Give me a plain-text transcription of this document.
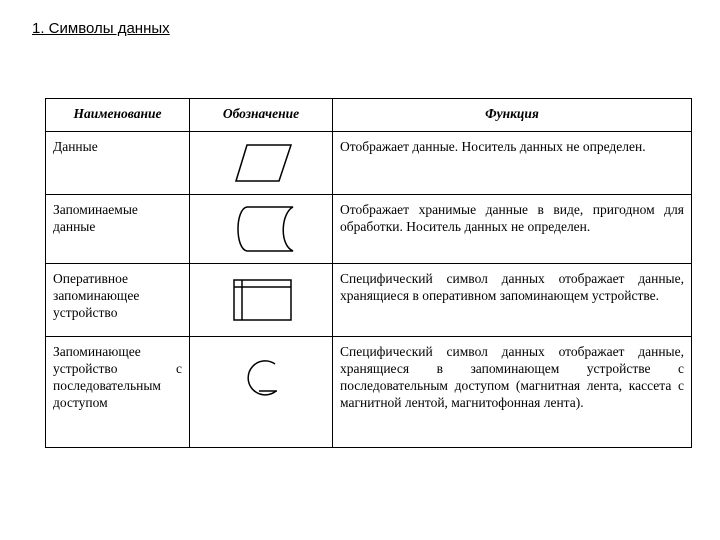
1. Символы данных
Наименование	Обозначение	Функция
Данные		Отображает данные. Носитель данных не определен.
Запоминаемые данные		Отображает хранимые данные в виде, пригодном для обработки. Носитель данных не определен.
Оперативное запоминающее устройство		Специфический символ данных отображает данные, хранящиеся в оперативном запоминающем устройстве.
Запоминающее устройство с последовательным доступом		Специфический символ данных отображает данные, хранящиеся в запоминающем устройстве с последовательным доступом (магнитная лента, кассета с магнитной лентой, магнитофонная лента).
